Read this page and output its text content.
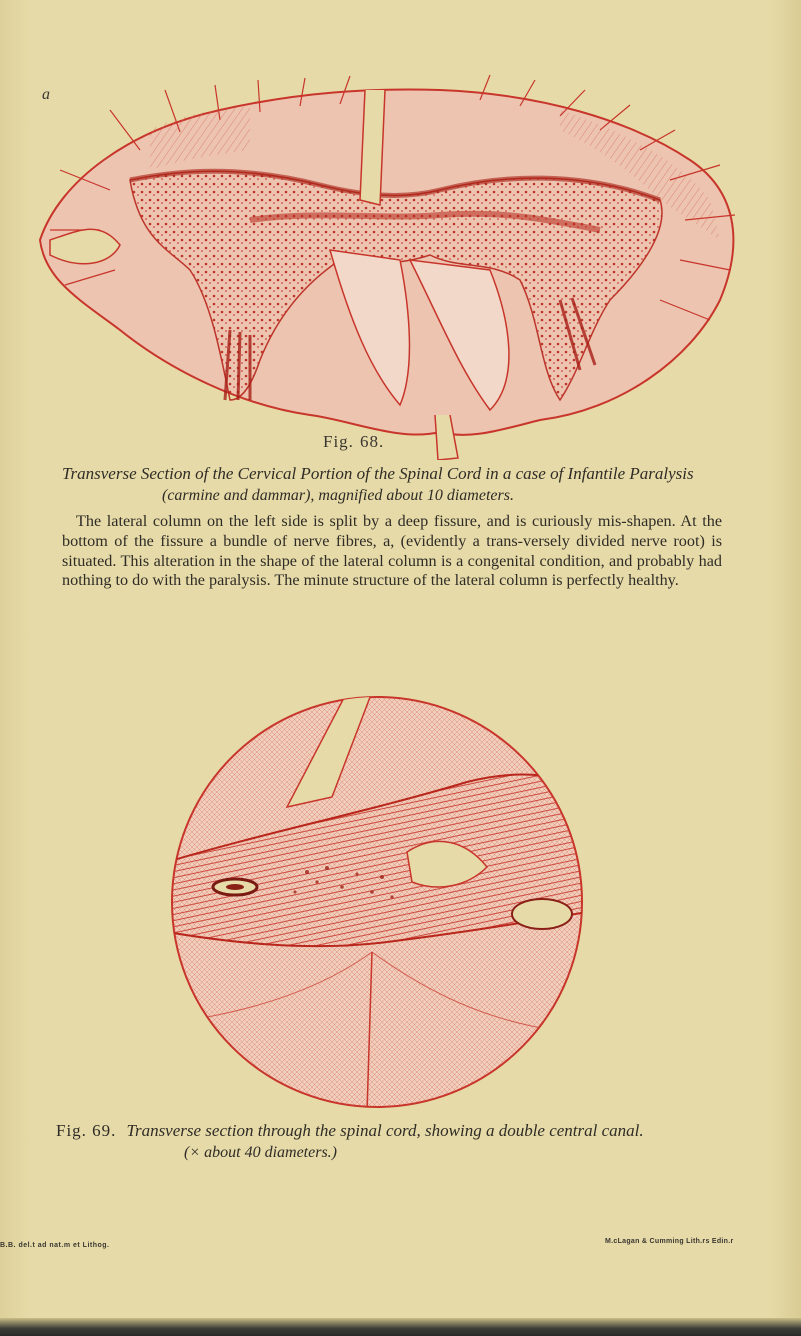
a
Fig. 68.
Transverse Section of the Cervical Portion of the Spinal Cord in a case of Infantile Paralysis
(carmine and dammar), magnified about 10 diameters.

The lateral column on the left side is split by a deep fissure, and is curiously mis-shapen. At the bottom of the fissure a bundle of nerve fibres, a, (evidently a trans-versely divided nerve root) is situated. This alteration in the shape of the lateral column is a congenital condition, and probably had nothing to do with the paralysis. The minute structure of the lateral column is perfectly healthy.

Fig. 69. Transverse section through the spinal cord, showing a double central canal.
(× about 40 diameters.)
B.B. del.t ad nat.m et Lithog.
M.cLagan & Cumming Lith.rs Edin.r
